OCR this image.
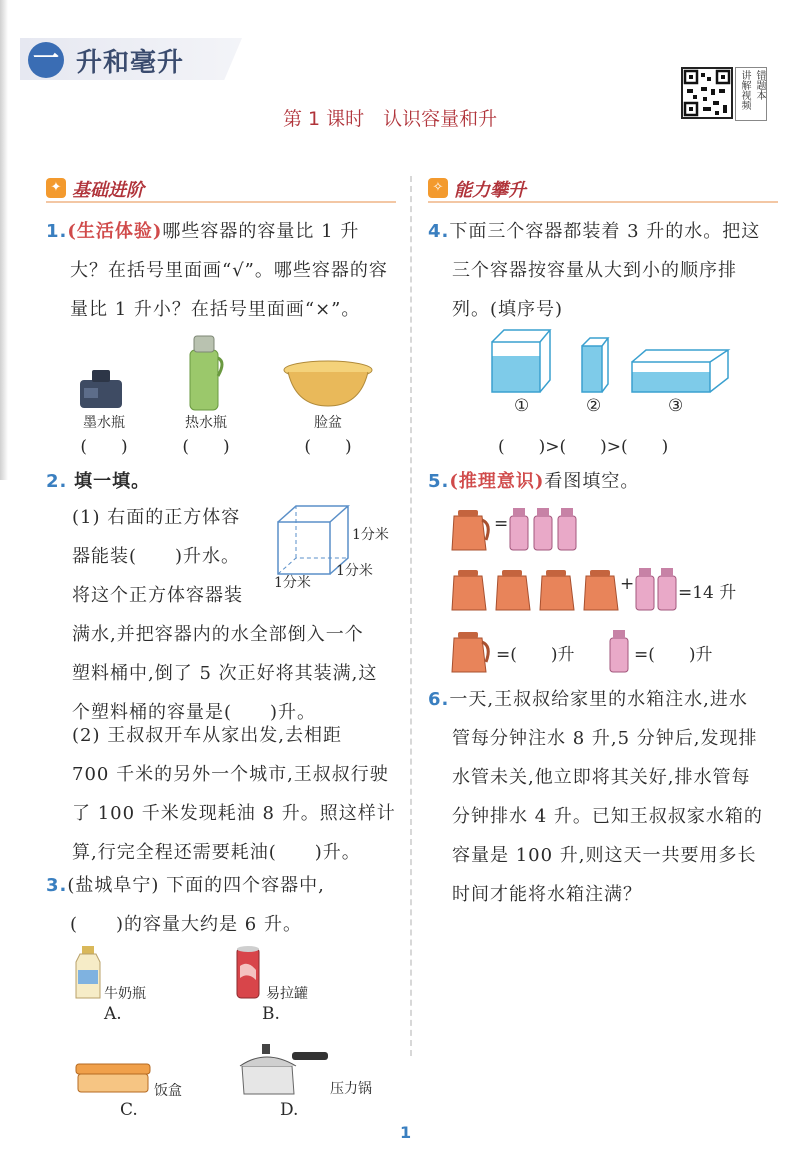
一 升和毫升
第 1 课时　认识容量和升
讲解视频 错题本
✦ 基础进阶	✧ 能力攀升
1.(生活体验)哪些容器的容量比 1 升
大？在括号里面画“√”。哪些容器的容
量比 1 升小？在括号里面画“×”。
墨水瓶
(　　)
热水瓶
(　　)
脸盆
(　　)
2. 填一填。
(1) 右面的正方体容
器能装(　　)升水。
将这个正方体容器装
满水,并把容器内的水全部倒入一个
塑料桶中,倒了 5 次正好将其装满,这
个塑料桶的容量是(　　)升。
1分米
1分米
1分米
(2) 王叔叔开车从家出发,去相距
700 千米的另外一个城市,王叔叔行驶
了 100 千米发现耗油 8 升。照这样计
算,行完全程还需要耗油(　　)升。
3.(盐城阜宁) 下面的四个容器中,
(　　)的容量大约是 6 升。
牛奶瓶
A.
易拉罐
B.
饭盒
C.
压力锅
D.
4.下面三个容器都装着 3 升的水。把这
三个容器按容量从大到小的顺序排
列。(填序号)
①	②	③
(　　)>(　　)>(　　)
5.(推理意识)看图填空。
=
+	=14 升
=(　　)升	=(　　)升
6.一天,王叔叔给家里的水箱注水,进水
管每分钟注水 8 升,5 分钟后,发现排
水管未关,他立即将其关好,排水管每
分钟排水 4 升。已知王叔叔家水箱的
容量是 100 升,则这天一共要用多长
时间才能将水箱注满？
1
